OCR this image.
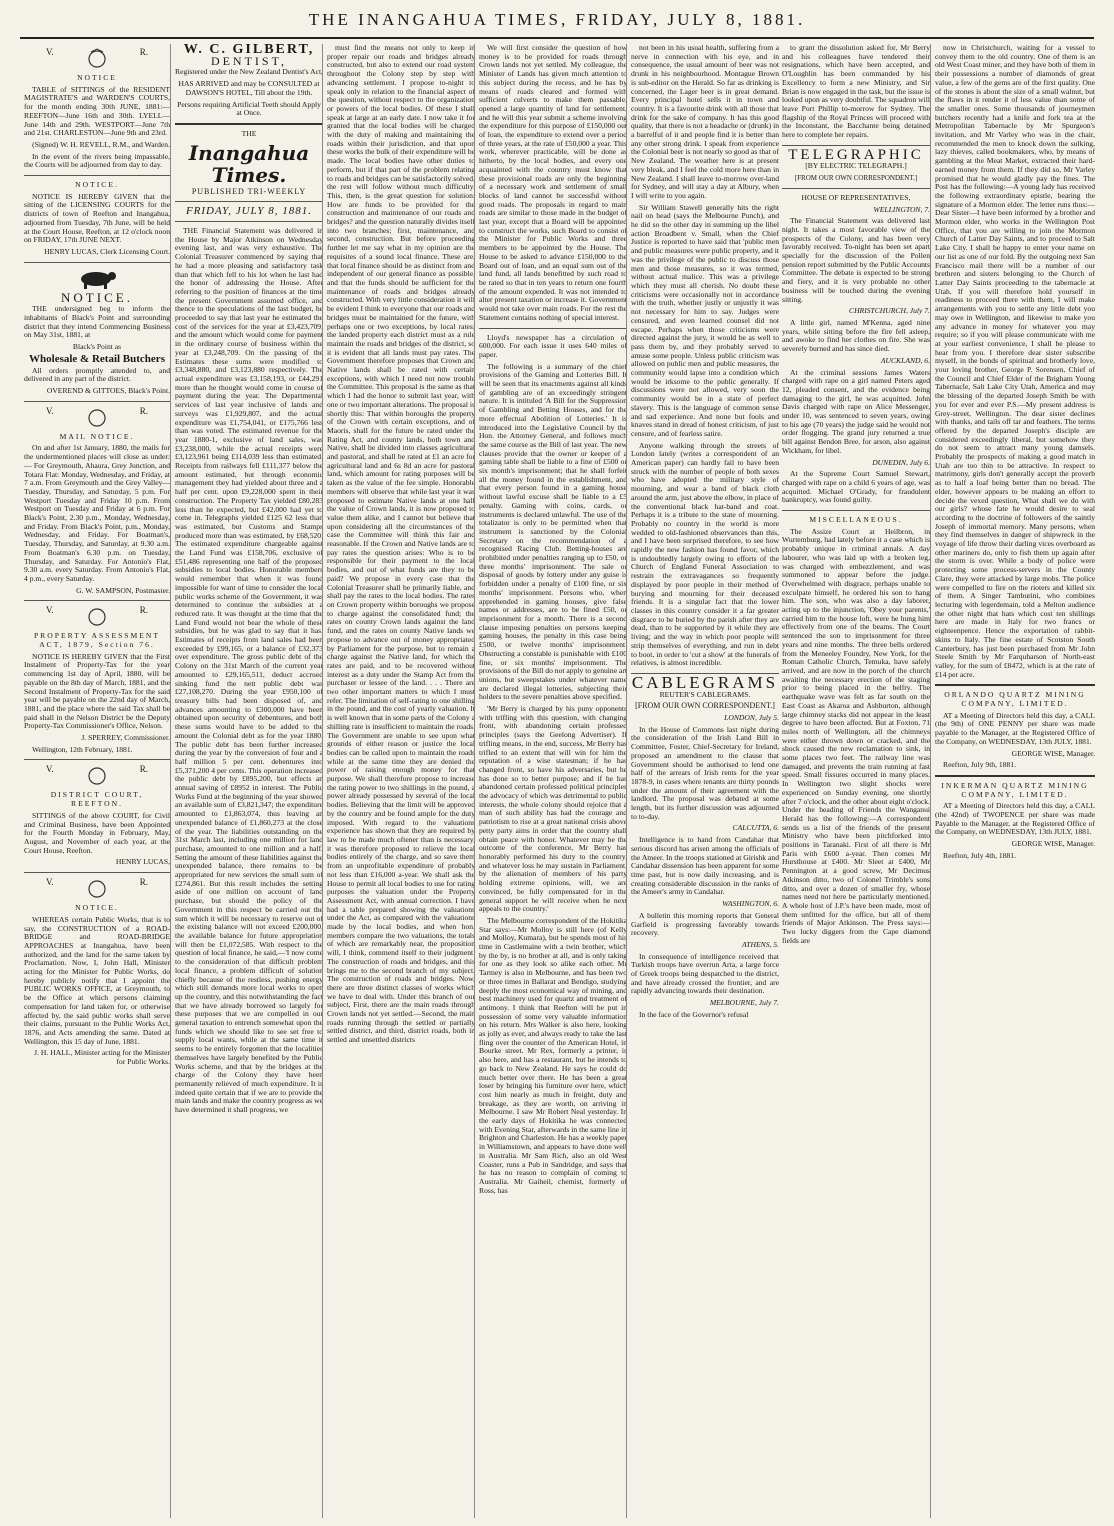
THE INANGAHUA TIMES, FRIDAY, JULY 8, 1881.
V.	R.

NOTICE

TABLE of SITTINGS of the RESIDENT MAGISTRATE'S and WARDEN'S COURTS, for the month ending 30th JUNE, 1881:— REEFTON—June 16th and 30th. LYELL—June 14th and 29th. WESTPORT—June 7th and 21st. CHARLESTON—June 9th and 23rd.

(Signed) W. H. REVELL, R.M., and Warden.

In the event of the rivers being impassable, the Courts will be adjourned from day to day.

NOTICE.

NOTICE IS HEREBY GIVEN that the sitting of the LICENSING COURTS for the districts of town of Reefton and Inangahua, adjourned from Tuesday, 7th June, will be held at the Court House, Reefton, at 12 o'clock noon on FRIDAY, 17th JUNE NEXT.

HENRY LUCAS, Clerk Licensing Court.

NOTICE.

THE undersigned beg to inform the inhabitants of Black's Point and surrounding district that they intend Commencing Business on May 31st, 1881, at

Black's Point as

Wholesale & Retail Butchers

All orders promptly attended to, and delivered in any part of the district.

OVEREND & GITTOES, Black's Point.

V.	R.

MAIL NOTICE.

On and after 1st January, 1880, the mails for the undermentioned places will close as under:— For Greymouth, Ahaura, Grey Junction, and Totara Flat: Monday, Wednesday, and Friday, at 7 a.m. From Greymouth and the Grey Valley—Tuesday, Thursday, and Saturday, 5 p.m. For Westport Tuesday and Friday 10 p.m. From Westport on Tuesday and Friday at 6 p.m. For Black's Point, 2.30 p.m., Monday, Wednesday, and Friday. From Black's Point, p.m., Monday, Wednesday, and Friday. For Boatman's, Tuesday, Thursday, and Saturday, at 9.30 a.m. From Boatman's 6.30 p.m. on Tuesday, Thursday, and Saturday. For Antonio's Flat, 9.30 a.m. every Saturday. From Antonio's Flat, 4 p.m., every Saturday.

G. W. SAMPSON, Postmaster.

V.	R.

PROPERTY ASSESSMENT ACT, 1879, Section 76.

NOTICE IS HEREBY GIVEN that the First Instalment of Property-Tax for the year commencing 1st day of April, 1880, will be payable on the 8th day of March, 1881, and the Second Instalment of Property-Tax for the said year will be payable on the 22nd day of March, 1881, and the place where the said Tax shall be paid shall in the Nelson District be the Deputy Property-Tax Commissioner's Office, Nelson.

J. SPERREY, Commissioner.

Wellington, 12th February, 1881.

V.	R.

DISTRICT COURT, REEFTON.

SITTINGS of the above COURT, for Civil and Criminal Business, have been Appointed for the Fourth Monday in February, May, August, and November of each year, at the Court House, Reefton.

HENRY LUCAS,

V.	R.

NOTICE.

WHEREAS certain Public Works, that is to say, the CONSTRUCTION of a ROAD-BRIDGE and ROAD-BRIDGE APPROACHES at Inangahua, have been authorized, and the land for the same taken by Proclamation. Now, I, John Hall, Minister acting for the Minister for Public Works, do hereby publicly notify that I appoint the PUBLIC WORKS OFFICE, at Greymouth, to be the Office at which persons claiming compensation for land taken for, or otherwise affected by, the said public works shall serve their claims, pursuant to the Public Works Act, 1876, and Acts amending the same. Dated at Wellington, this 15 day of June, 1881.

J. H. HALL, Minister acting for the Minister for Public Works.

W. C. GILBERT,
DENTIST,

Registered under the New Zealand Dentist's Act,

HAS ARRIVED and may be CONSULTED at DAWSON'S HOTEL, Till about the 19th.

Persons requiring Artificial Teeth should Apply at Once.

THE

Inangahua Times.

PUBLISHED TRI-WEEKLY

FRIDAY, JULY 8, 1881.

THE Financial Statement was delivered in the House by Major Atkinson on Wednesday evening last, and was very exhaustive. The Colonial Treasurer commenced by saying that he had a more pleasing and satisfactory task than that which fell to his lot when he last had the honor of addressing the House. After referring to the position of finances at the time the present Government assumed office, and thence to the speculations of the last budget, he proceeded to say that last year he estimated the cost of the services for the year at £3,423,709, and the amount which would come for payment in the ordinary course of business within the year at £3,248,709. On the passing of the Estimates these sums were modified to £3,348,880, and £3,123,880 respectively. The actual expenditure was £3,158,193, or £44,291 more than he thought would come in course of payment during the year. The Departmental services of last year inclusive of lands and surveys was £1,929,807, and the actual expenditure was £1,754,041, or £175,766 less than was voted. The estimated revenue for the year 1880-1, exclusive of land sales, was £3,238,000, while the actual receipts were £3,123,961 being £114,039 less than estimated. Receipts from railways fell £111,377 below the amount estimated, but through economic management they had yielded about three and a half per cent. upon £9,228,000 spent in their construction. The Property Tax yielded £80,283 less than he expected, but £42,000 had yet to come in. Telegraphs yielded £125 62 less than was estimated, but Customs and Stamps produced more than was estimated, by £68,520. The estimated expenditure chargeable against the Land Fund was £158,706, exclusive of £51,486 representing one half of the proposed subsidies to local bodies. Honorable members would remember that when it was found impossible for want of time to consider the local public works scheme of the Government, it was determined to continue the subsidies at a reduced rate. It was thought at the time that the Land Fund would not bear the whole of these subsidies, but he was glad to say that it has. Estimates of receipts from land sales had been exceeded by £99,165, or a balance of £32,373 over expenditure. The gross public debt of the Colony on the 31st March of the current year amounted to £29,165,511, deduct accrued sinking fund the nett public debt was £27,108,270. During the year £950,100 of treasury bills had been disposed of, and advances amounting to £300,000 have been obtained upon security of debentures, and both these sums would have to be added to the amount the Colonial debt as for the year 1880. The public debt has been further increased during the year by the conversion of four and a half million 5 per cent. debentures into £5,371,200 4 per cents. This operation increased the public debt by £895,200, but effects an annual saving of £8952 in interest. The Public Works Fund at the beginning of the year showed an available sum of £3,821,347; the expenditure amounted to £1,863,074, thus leaving an unexpended balance of £1,860,273 at the close of the year. The liabilities outstanding on the 31st March last, including one million for land purchase, amounted to one million and a half. Setting the amount of these liabilities against the unexpended balance, there remains to be appropriated for new services the small sum of £274,861. But this result includes the setting aside of one million on account of land purchase, but should the policy of the Government in this respect be carried out the sum which it will be necessary to reserve out of the existing balance will not exceed £200,000, the available balance for future appropriation will then be £1,072,585. With respect to the question of local finance, he said,—'I now come to the consideration of that difficult problem local finance, a problem difficult of solution chiefly because of the restless, pushing energy which still demands more local works to open up the country, and this notwithstanding the fact that we have already borrowed so largely for these purposes that we are compelled in our general taxation to entrench somewhat upon the funds which we should like to see set free to supply local wants, while at the same time it seems to be entirely forgotten that the localities themselves have largely benefited by the Public Works scheme, and that by the bridges at the charge of the Colony they have been permanently relieved of much expenditure. It is indeed quite certain that if we are to provide the main lands and make the country progress as we have determined it shall progress, we

must find the means not only to keep in proper repair our roads and bridges already constructed, but also to extend our road system throughout the Colony step by step with advancing settlement. I propose to-night to speak only in relation to the financial aspect of the question, without respect to the organization or powers of the local bodies. Of these I shall speak at large at an early date. I now take it for granted that the local bodies will be charged with the duty of making and maintaining the roads within their jurisdiction, and that upon these works the bulk of their expenditure will be made. The local bodies have other duties to perform, but if that part of the problem relating to roads and bridges can be satisfactorily solved, the rest will follow without much difficulty. This, then, is the great question for solution: How are funds to be provided for the construction and maintenance of our roads and bridges? and the question naturally divides itself into two branches; first, maintenance, and second, construction. But before proceeding further let me say what in my opinion are the requisites of a sound local finance. These are, that local finance should be as distinct from and independent of our general finance as possible, and that the funds should be sufficient for the maintenance of roads and bridges already constructed. With very little consideration it will be evident I think to everyone that our roads and bridges must be maintained for the future, with perhaps one or two exceptions, by local rates; the landed property each district must as a rule maintain the roads and bridges of the district, so it is evident that all lands must pay rates. The Government therefore proposes that Crown and Native lands shall be rated with certain exceptions, with which I need not now trouble the Committee. This proposal is the same as that which I had the honor to submit last year, with one or two important alterations. The proposal is shortly this: That within boroughs the property of the Crown with certain exceptions, and of Maoris, shall for the future be rated under the Rating Act, and county lands, both town and Native, shall be divided into classes agricultural and pastoral, and shall be rated at £1 an acre for agricultural land and 6s 8d an acre for pastoral land, which amount for rating purposes will be taken as the value of the fee simple. Honorable members will observe that while last year it was proposed to estimate Native lands at one half the value of Crown lands, it is now proposed to value them alike, and I cannot but believe that upon considering all the circumstances of the case the Committee will think this fair and reasonable. If the Crown and Native lands are to pay rates the question arises: Who is to be responsible for their payment to the local bodies, and out of what funds are they to be paid? We propose in every case that the Colonial Treasurer shall be primarily liable, and shall pay the rates to the local bodies. The rates on Crown property within boroughs we propose to charge against the consolidated fund; the rates on county Crown lands against the land fund, and the rates on county Native lands we propose to advance out of money appropriated by Parliament for the purpose, but to remain a charge against the Native land, for which the rates are paid, and to be recovered without interest as a duty under the Stamp Act from the purchaser or lessee of the land. . . . There are two other important matters to which I must refer. The limitation of self-rating to one shilling in the pound, and the cost of yearly valuation. It is well known that in some parts of the Colony a shilling rate is insufficient to maintain the roads. The Government are unable to see upon what grounds of either reason or justice the local bodies can be called upon to maintain the roads while at the same time they are denied the power of raising enough money for that purpose. We shall therefore propose to increase the rating power to two shillings in the pound, a power already possessed by several of the local bodies. Believing that the limit will be approved by the country and be found ample for the duty imposed. With regard to the valuations experience has shown that they are required by law to be made much oftener than is necessary, it was therefore proposed to relieve the local bodies entirely of the charge, and so save them from an unprofitable expenditure of probably not less than £16,000 a-year. We shall ask the House to permit all local bodies to use for rating purposes the valuation under the Property Assessment Act, with annual correction. I have had a table prepared showing the valuations under the Act, as compared with the valuations made by the local bodies, and when hon. members compare the two valuations, the totals of which are remarkably near, the proposition will, I think, commend itself to their judgment. The construction of roads and bridges, and this brings me to the second branch of my subject. The construction of roads and bridges. Now, there are three distinct classes of works which we have to deal with. Under this branch of our subject, First, there are the main roads through Crown lands not yet settled.—Second, the main roads running through the settled or partially settled district, and third, district roads, both in settled and unsettled districts

We will first consider the question of how money is to be provided for roads through Crown lands not yet settled. My colleague, the Minister of Lands has given much attention to this subject during the recess, and he has by means of roads cleared and formed with sufficient culverts to make them passable, opened a large quantity of land for settlement, and he will this year submit a scheme involving the expenditure for this purpose of £150,000 out of loan, the expenditure to extend over a period of three years, at the rate of £50,000 a year. This work, wherever practicable, will be done as hitherto, by the local bodies, and every one acquainted with the country must know that these provisional roads are only the beginning of a necessary work and settlement of small blocks of land cannot be successful without good roads. The proposals in regard to main roads are similar to those made in the budget of last year, except that a Board will be appointed to construct the works, such Board to consist of the Minister for Public Works and three members to be appointed by the House. The House to be asked to advance £150,000 to the Board out of loan, and an equal sum out of the land fund, all lands benefitted by such road to be rated so that in ten years to return one fourth of the amount expended. It was not intended to alter present taxation or increase it. Government would not take over main roads. For the rest the Statement contains nothing of special interest.

Lloyd's newspaper has a circulation of 600,000. For each issue it uses 640 miles of paper.

The following is a summary of the chief provisions of the Gaming and Lotteries Bill. It will be seen that its enactments against all kinds of gambling are of an exceedingly stringent nature. It is intituled 'A Bill for the Suppression of Gambling and Betting Houses, and for the more effectual Abolition of Lotteries.' It is introduced into the Legislative Council by the Hon. the Attorney General, and follows much the same course as the Bill of last year. The new clauses provide that the owner or keeper of a gaming table shall be liable to a fine of £500 or six month's imprisonment; that he shall forfeit all the money found in the establishment, and that every person found in a gaming house without lawful excuse shall be liable to a £5 penalty. Gaming with coins, cards, or instruments is declared unlawful. The use of the totalizator is only to be permitted when that instrument is sanctioned by the Colonial Secretary on the recommendation of a recognised Racing Club. Betting-houses are prohibited under penalties ranging up to £50, or three months' imprisonment. The sale or disposal of goods by lottery under any guise is forbidden under a penalty of £100 fine, or six months' imprisonment. Persons who, when apprehended in gaming houses, give false names or addresses, are to be fined £50, or imprisonment for a month. There is a second clause imposing penalties on persons keeping gaming houses, the penalty in this case being £500, or twelve months' imprisonment. Obstructing a constable is punishable with £100 fine, or six months' imprisonment. The provisions of the Bill do not apply to genuine art unions, but sweepstakes under whatever name are declared illegal lotteries, subjecting their holders to the severe penalties above specified.

'Mr Berry is charged by his puny opponents with trifling with this question, with changing front, with abandoning certain professed principles (says the Geelong Advertiser). If trifling means, in the end, success, Mr Berry has trifled to an extent that will win for him the reputation of a wise statesman; if he has changed front, so have his adversaries, but he has done so to better purpose; and if he has abandoned certain professed political principles the advocacy of which was detrimental to public interests, the whole colony should rejoice that a man of such ability has had the courage and patriotism to rise at a great national crisis above petty party aims in order that the country shall obtain peace with honor. Whatever may be the outcome of the conference, Mr Berry has honorably performed his duty to the country, and whatever loss he may sustain in Parliament, by the alienation of members of his party holding extreme opinions, will, we are convinced, be fully compensated for in the general support he will receive when he next appeals to the country.'

The Melbourne correspondent of the Hokitika Star says:—Mr Molloy is still here (of Kelly and Molloy, Kumara), but he spends most of his time in Castlemaine with a twin brother, which by the by, is no brother at all, and is only taking for one as they look so alike each other. Mr Tarmey is also in Melbourne, and has been two or three times in Ballarat and Bendigo, studying deeply the most economical way of mining, and best machinery used for quartz and treatment of antimony. I think that Reefton will be put in possession of some very valuable information on his return. Mrs Walker is also here, looking as jolly as ever, and always ready to take the last fling over the counter of the American Hotel, in Bourke street. Mr Rex, formerly a printer, is also here, and has a restaurant, but he intends to go back to New Zealand. He says he could do much better over there. He has been a great loser by bringing his furniture over here, which cost him nearly as much in freight, duty and breakage, as they are worth, on arriving in Melbourne. I saw Mr Robert Neal yesterday. In the early days of Hokitika he was connected with Evening Star, afterwards in the same line in Brighton and Charleston. He has a weekly paper in Williamstown, and appears to have done well in Australia. Mr Sam Rich, also an old West Coaster, runs a Pub in Sandridge, and says that he has no reason to complain of coming to Australia. Mr Gaiheil, chemist, formerly of Ross, has

not been in his usual health, suffering from a nerve in connection with his eye, and in consequence, the usual amount of beer was not drunk in his neighbourhood. Montague Brown is sub-editor on the Herald. So far as drinking is concerned, the Lager beer is in great demand. Every principal hotel sells it in town and country. It is a favourite drink with all those that drink for the sake of company. It has this good quality, that there is not a headache or (drunk) in a barrelful of it and people find it is better than any other strong drink. I speak from experience the Colonial beer is not nearly so good as that of New Zealand. The weather here is at present very bleak, and I feel the cold more here than in New Zealand. I shall leave to-morrow over-land for Sydney, and will stay a day at Albury, when I will write to you again.

Sir William Stawell generally hits the right nail on head (says the Melbourne Punch), and he did so the other day in summing up the libel action Broadbent v. Small, when the Chief Justice is reported to have said that 'public men and public measures were public property, and it was the privilege of the public to discuss those men and those measures, so it was termed, without actual malice. This was a privilege which they must all cherish. No doubt these criticisms were occasionally not in accordance with the truth, whether justly or unjustly it was not necessary for him to say. Judges were censured, and even learned counsel did not escape. Perhaps when those criticisms were directed against the jury, it would be as well to pass them by, and they probably served to amuse some people. Unless public criticism was allowed on public men and public measures, the community would lapse into a condition which would be irksome to the public generally. If discussions were not allowed, very soon the community would be in a state of perfect slavery. This is the language of common sense and sad experience. And none but fools and knaves stand in dread of honest criticism, of just censure, and of fearless satire.

Anyone walking through the streets of London lately (writes a correspondent of an American paper) can hardly fail to have been struck with the number of people of both sexes who have adopted the military style of mourning, and wear a band of black cloth around the arm, just above the elbow, in place of the conventional black hat-band and coat. Perhaps it is a tribute to the state of mourning. Probably no country in the world is more wedded to old-fashioned observances than this, and I have been surprised therefore, to see how rapidly the new fashion has found favor, which is undoubtedly largely owing to efforts of the Church of England Funeral Association to restrain the extravagances so frequently displayed by poor people in their method of burying and mourning for their deceased friends. It is a singular fact that the lower classes in this country consider it a far greater disgrace to be buried by the parish after they are dead, than to be supported by it while they are living; and the way in which poor people will strip themselves of everything, and run in debt to boot, in order to 'cut a show' at the funerals of relatives, is almost incredible.

CABLEGRAMS

REUTER'S CABLEGRAMS.

[FROM OUR OWN CORRESPONDENT.]

LONDON, July 5.

In the House of Commons last night during the consideration of the Irish Land Bill in Committee, Foster, Chief-Secretary for Ireland, proposed an amendment to the clause that Government should be authorised to lend one half of the arrears of Irish rents for the year 1878-9, in cases where tenants are thirty pounds under the amount of their agreement with the landlord. The proposal was debated at some length, but its further discussion was adjourned to to-day.

CALCUTTA, 6.

Intelligence is to hand from Candahar that serious discord has arisen among the officials of the Ameer. In the troops stationed at Girishk and Candahar dissension has been apparent for some time past, but is now daily increasing, and is creating considerable discussion in the ranks of the Ameer's army in Candahar.

WASHINGTON, 6.

A bulletin this morning reports that General Garfield is progressing favorably towards recovery.

ATHENS, 5.

In consequence of intelligence received that Turkish troops have overrun Arta, a large force of Greek troops being despatched to the district, and have already crossed the frontier, and are rapidly advancing towards their destination.

MELBOURNE, July 7.

In the face of the Governor's refusal

to grant the dissolution asked for, Mr Berry and his colleagues have tendered their resignations, which have been accepted, and O'Loughlin has been commanded by his Excellency to form a new Ministry, and Sir Brian is now engaged in the task, but the issue is looked upon as very doubtful. The squadron will leave Port Phillip to-morrow for Sydney. The flagship of the Royal Princes will proceed with the Inconstant, the Bacchante being detained here to complete her repairs.

TELEGRAPHIC

[BY ELECTRIC TELEGRAPH.]

[FROM OUR OWN CORRESPONDENT.]

HOUSE OF REPRESENTATIVES,

WELLINGTON, 7.

The Financial Statement was delivered last night. It takes a most favorable view of the prospects of the Colony, and has been very favorably received. To-night has been set apart specially for the discussion of the Pollen pension report submitted by the Public Accounts Committee. The debate is expected to be strong and fiery, and it is very probable no other business will be touched during the evening sitting.

CHRISTCHURCH, July 7.

A little girl, named M'Kenna, aged nine years, while sitting before the fire fell asleep, and awoke to find her clothes on fire. She was severely burned and has since died.

AUCKLAND, 6.

At the criminal sessions James Waters charged with rape on a girl named Peters aged 12, pleaded consent, and the evidence being damaging to the girl, he was acquitted. John Davis charged with rape on Alice Messenger, under 10, was sentenced to seven years, owing to his age (70 years) the judge said he would not order flogging. The grand jury returned a true bill against Bendon Bree, for arson, also against Wickham, for libel.

DUNEDIN, July 6.

At the Supreme Court Samuel Stewart, charged with rape on a child 6 years of age, was acquitted. Michael O'Grady, for fraudulent bankruptcy, was found guilty.

MISCELLANEOUS.

The Assize Court at Heilbron, in Wurtemburg, had lately before it a case which is probably unique in criminal annals. A day labourer, who was laid up with a broken leg, was charged with embezzlement, and was summoned to appear before the judge. Overwhelmed with disgrace, perhaps unable to exculpate himself, he ordered his son to hang him. The son, who was also a day laborer, acting up to the injunction, 'Obey your parents,' carried him to the house loft, were he hung him effectively from one of the beams. The Court sentenced the son to imprisonment for three years and nine months. The three bells ordered from the Meneeley Foundry, New York, for the Roman Catholic Church, Temuka, have safely arrived, and are now in the porch of the church awaiting the necessary erection of the staging prior to being placed in the belfry. The earthquake wave was felt as far south on the East Coast as Akaroa and Ashburton, although large chimney stacks did not appear in the least degree to have been affected. But at Foxton, 71 miles north of Wellington, all the chimneys were either thrown down or cracked, and the shock caused the new reclamation to sink, in some places two feet. The railway line was damaged, and prevents the train running at fast speed. Small fissures occurred in many places. In Wellington two slight shocks were experienced on Sunday evening, one shortly after 7 o'clock, and the other about eight o'clock. Under the heading of Friends the Wanganui Herald has the following:—A correspondent sends us a list of the friends of the present Ministry who have been pitchforked into positions in Taranaki. First of all there is Mr Paris with £600 a-year. Then comes Mr Hursthouse at £400. Mr Sleet at £400, Mr Pennington at a good screw, Mr Decimus Atkinson ditto, two of Colonel Trimble's sons ditto, and over a dozen of smaller fry, whose names need not here be particularly mentioned. A whole host of J.P.'s have been made, most of them unfitted for the office, but all of them friends of Major Atkinson. The Press says:—Two lucky diggers from the Cape diamond fields are

now in Christchurch, waiting for a vessel to convey them to the old country. One of them is an old West Coast miner, and they have both of them in their possessions a number of diamonds of great value, a few of the gems are of the first quality. One of the stones is about the size of a small walnut, but the flaws in it render it of less value than some of the smaller ones. Some thousands of journeymen butchers recently had a knife and fork tea at the Metropolitan Tabernacle by Mr Spurgeon's invitation, and Mr Varley who was in the chair, recommended the men to knock down the sulking, lazy thieves, called bookmakers, who, by means of gambling at the Meat Market, extracted their hard-earned money from them. If they did so, Mr Varley promised that he would gladly pay the fines. The Post has the following:—A young lady has received the following extraordinary epistle, bearing the signature of a Mormon elder. The letter runs thus:—Dear Sister—I have been informed by a brother and Mormon elder, who works in the Wellington Post Office, that you are willing to join the Mormon Church of Latter Day Saints, and to proceed to Salt Lake City. I shall be happy to enter your name on our list as one of our fold. By the outgoing next San Francisco mail there will be a number of our brethren and sisters belonging to the Church of Latter Day Saints proceeding to the tabernacle at Utah. If you will therefore hold yourself in readiness to proceed there with them, I will make arrangements with you to settle any little debt you may owe in Wellington, and likewise to make you any advance in money for whatever you may require; so if you will please communicate with me at your earliest convenience, I shall be please to hear from you. I therefore dear sister subscribe myself, in the bonds of spiritual and brotherly love, your loving brother, George P. Sorensen, Chief of the Council and Chief Elder of the Brigham Young Tabernacle, Salt Lake City Utah, America and may the blessing of the departed Joseph Smith be with you for ever and ever P.S.—My present address is Grey-street, Wellington. The dear sister declines with thanks, and tails off tar and feathers. The terms offered by the departed Joseph's disciple are considered exceedingly liberal, but somehow they do not seem to attract many young damsels. Probably the prospects of making a good match in Utah are too thin to be attractive. In respect to matrimony, girls don't generally accept the proverb as to half a loaf being better than no bread. The elder, however appears to be making an effort to decide the vexed question, What shall we do with our girls? whose fate he would desire to seal according to the doctrine of followers of the saintly Joseph of immortal memory. Many persons, when they find themselves in danger of shipwreck in the voyage of life throw their darling vices overboard as other mariners do, only to fish them up again after the storm is over. While a body of police were protecting some process-servers in the County Clare, they were attacked by large mobs. The police were compelled to fire on the rioters and killed six of them. A Singer Tamburini, who combines lecturing with legerdemain, told a Melton audience the other night that hats which cost ten shillings here are made in Italy for two francs or eighteenpence. Hence the exportation of rabbit-skins to Italy. The fine estate of Scotston South Canterbury, has just been purchased from Mr John Steele Smith by Mr Farquharson of North-east valley, for the sum of £8472, which is at the rate of £14 per acre.

ORLANDO QUARTZ MINING COMPANY, LIMITED.

AT a Meeting of Directors held this day, a CALL (the 9th) of ONE PENNY per share was made payable to the Manager, at the Registered Office of the Company, on WEDNESDAY, 13th JULY, 1881.

GEORGE WISE, Manager.

Reefton, July 9th, 1881.

INKERMAN QUARTZ MINING COMPANY, LIMITED.

AT a Meeting of Directors held this day, a CALL (the 42nd) of TWOPENCE per share was made Payable to the Manager, at the Registered Office of the Company, on WEDNESDAY, 13th JULY, 1881.

GEORGE WISE, Manager.

Reefton, July 4th, 1881.
